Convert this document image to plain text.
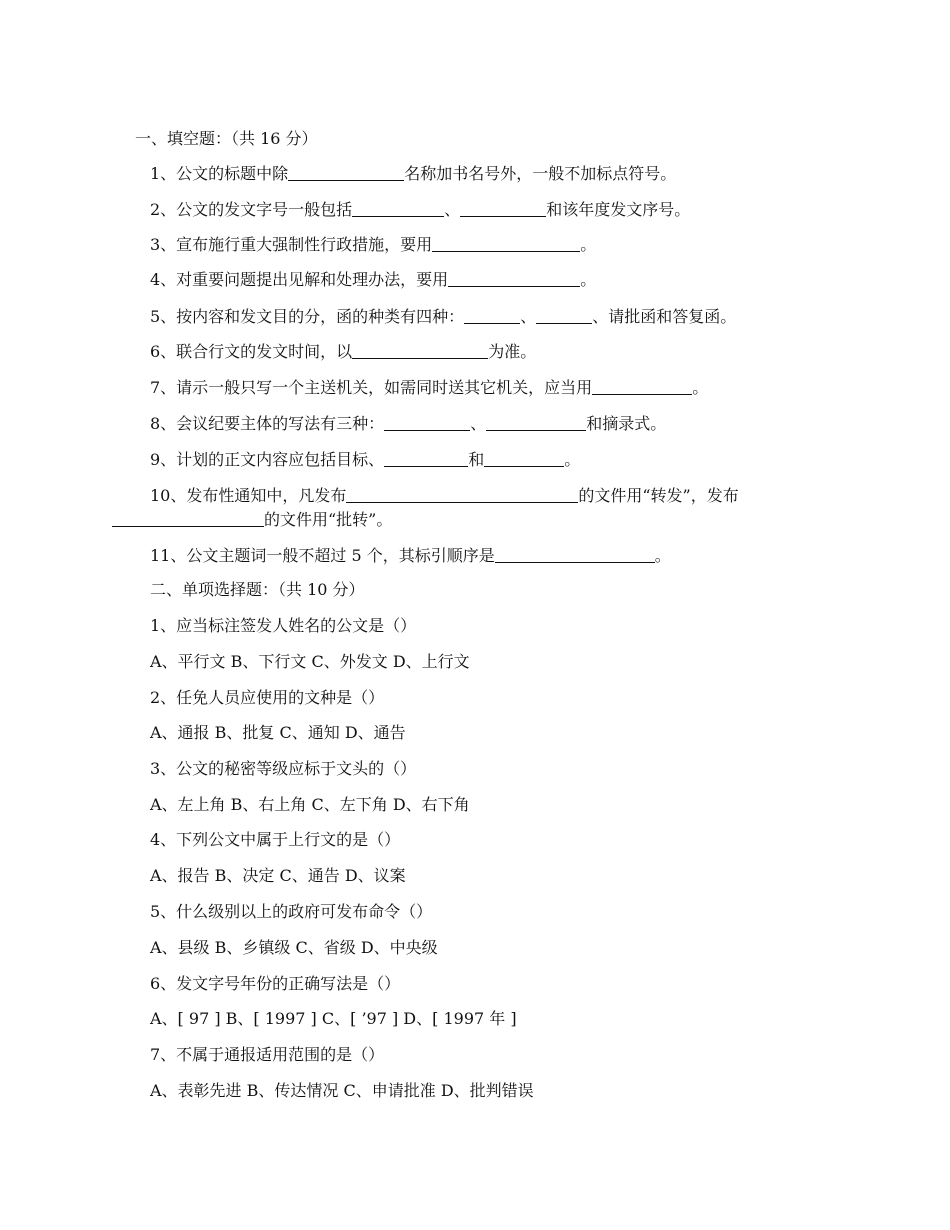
一、填空题：（共 16 分）
1、公文的标题中除	名称加书名号外，一般不加标点符号。
2、公文的发文字号一般包括	、	和该年度发文序号。
3、宣布施行重大强制性行政措施，要用	。
4、对重要问题提出见解和处理办法，要用	。
5、按内容和发文目的分，函的种类有四种：	、	、请批函和答复函。
6、联合行文的发文时间，以	为准。
7、请示一般只写一个主送机关，如需同时送其它机关，应当用	。
8、会议纪要主体的写法有三种：	、	和摘录式。
9、计划的正文内容应包括目标、	和	。
10、发布性通知中，凡发布	的文件用“转发”，发布
的文件用“批转”。
11、公文主题词一般不超过 5 个，其标引顺序是	。
二、单项选择题：（共 10 分）
1、应当标注签发人姓名的公文是（）
A、平行文 B、下行文 C、外发文 D、上行文
2、任免人员应使用的文种是（）
A、通报 B、批复 C、通知 D、通告
3、公文的秘密等级应标于文头的（）
A、左上角 B、右上角 C、左下角 D、右下角
4、下列公文中属于上行文的是（）
A、报告 B、决定 C、通告 D、议案
5、什么级别以上的政府可发布命令（）
A、县级 B、乡镇级 C、省级 D、中央级
6、发文字号年份的正确写法是（）
A、[ 97 ] B、[ 1997 ] C、[ ’97 ] D、[ 1997 年 ]
7、不属于通报适用范围的是（）
A、表彰先进 B、传达情况 C、申请批准 D、批判错误
